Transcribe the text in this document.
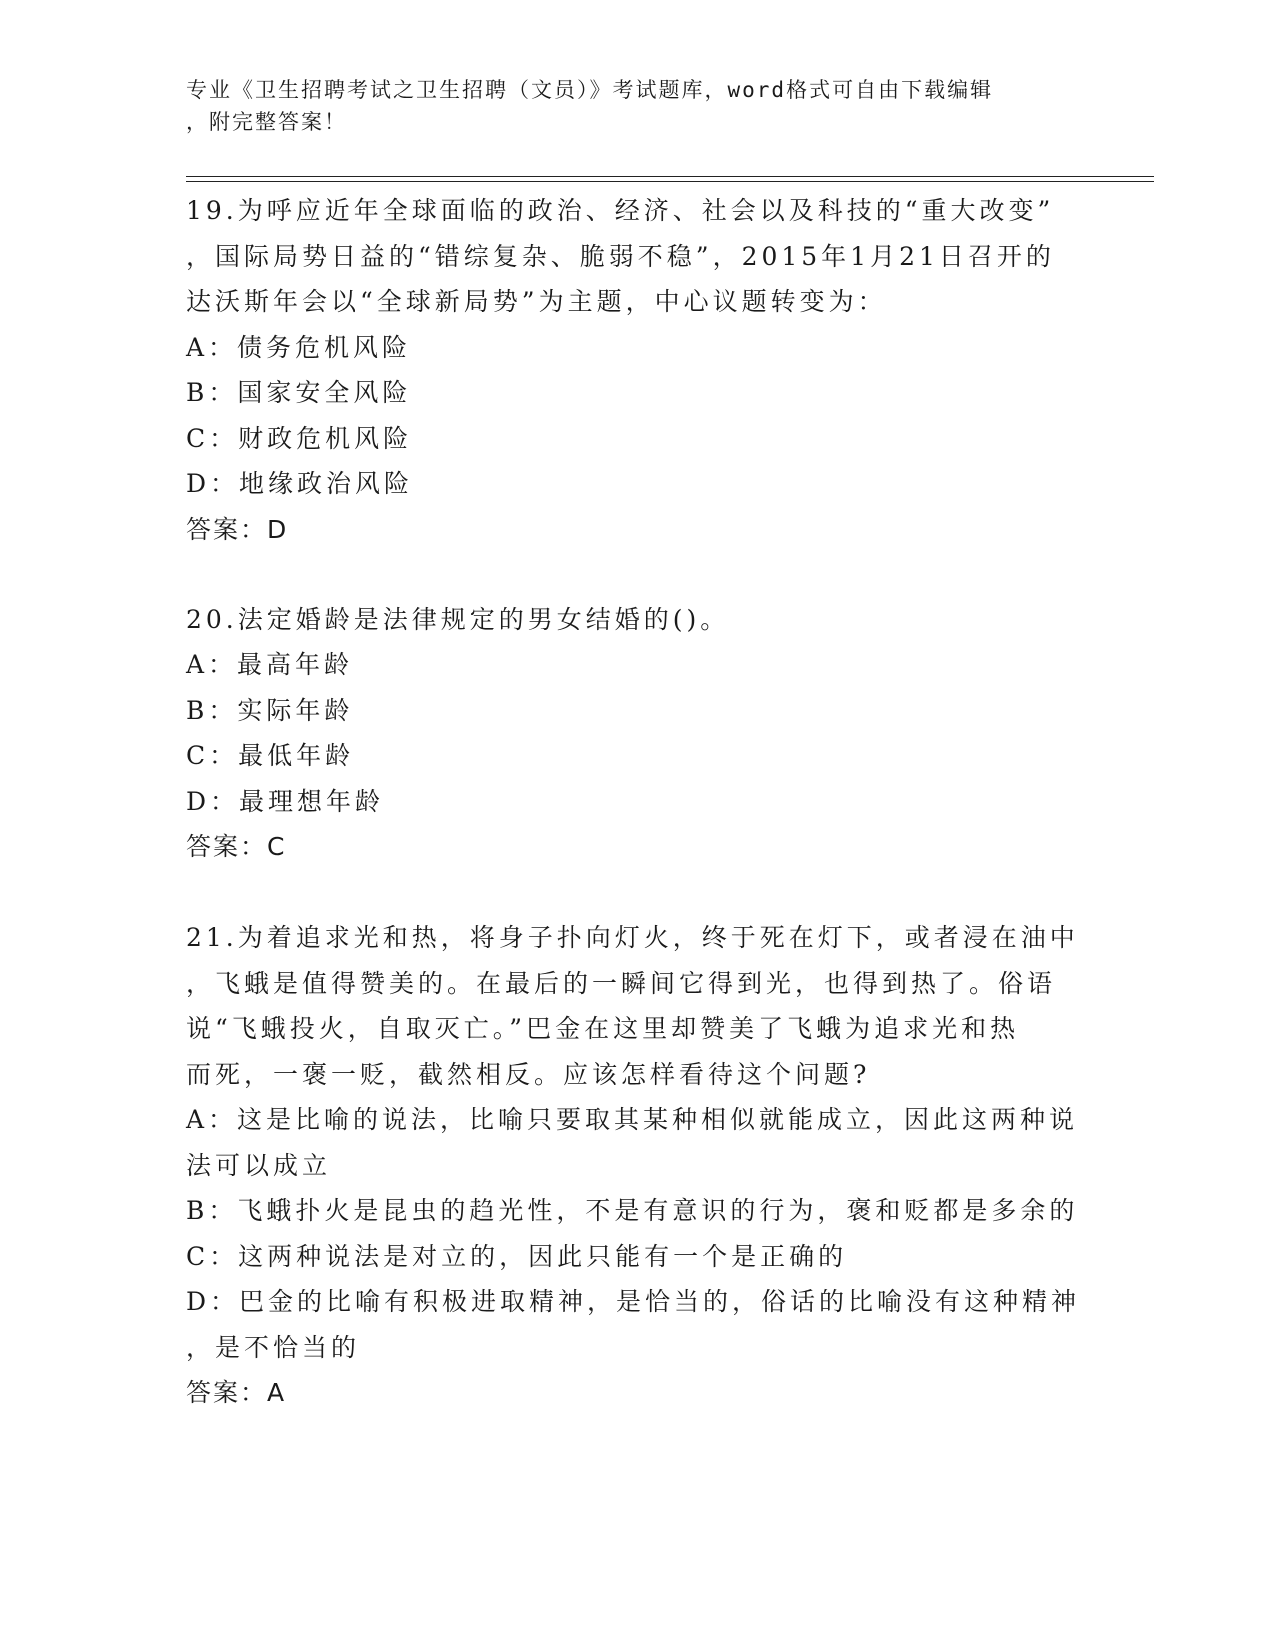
专业《卫生招聘考试之卫生招聘（文员）》考试题库，word格式可自由下载编辑
，附完整答案！
19.为呼应近年全球面临的政治、经济、社会以及科技的“重大改变”
，国际局势日益的“错综复杂、脆弱不稳”，2015年1月21日召开的
达沃斯年会以“全球新局势”为主题，中心议题转变为：
A：债务危机风险
B：国家安全风险
C：财政危机风险
D：地缘政治风险
答案：D
20.法定婚龄是法律规定的男女结婚的()。
A：最高年龄
B：实际年龄
C：最低年龄
D：最理想年龄
答案：C
21.为着追求光和热，将身子扑向灯火，终于死在灯下，或者浸在油中
，飞蛾是值得赞美的。在最后的一瞬间它得到光，也得到热了。俗语
说“飞蛾投火，自取灭亡。”巴金在这里却赞美了飞蛾为追求光和热
而死，一褒一贬，截然相反。应该怎样看待这个问题?
A：这是比喻的说法，比喻只要取其某种相似就能成立，因此这两种说
法可以成立
B：飞蛾扑火是昆虫的趋光性，不是有意识的行为，褒和贬都是多余的
C：这两种说法是对立的，因此只能有一个是正确的
D：巴金的比喻有积极进取精神，是恰当的，俗话的比喻没有这种精神
，是不恰当的
答案：A
